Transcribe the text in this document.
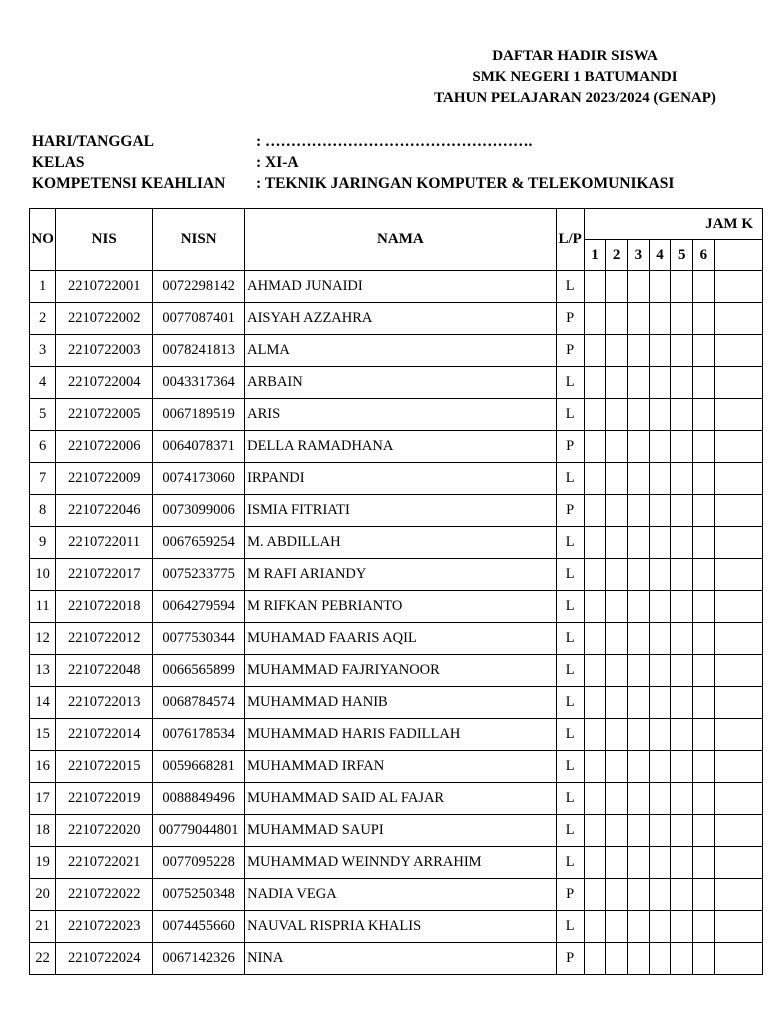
DAFTAR HADIR SISWA
SMK NEGERI 1 BATUMANDI
TAHUN PELAJARAN 2023/2024 (GENAP)
HARI/TANGGAL	: …………………………………………….
KELAS	: XI-A
KOMPETENSI KEAHLIAN	: TEKNIK JARINGAN KOMPUTER & TELEKOMUNIKASI
NO	NIS	NISN	NAMA	L/P	JAM K						
					1	2	3	4	5	6	
1	2210722001	0072298142	AHMAD JUNAIDI	L							
2	2210722002	0077087401	AISYAH AZZAHRA	P							
3	2210722003	0078241813	ALMA	P							
4	2210722004	0043317364	ARBAIN	L							
5	2210722005	0067189519	ARIS	L							
6	2210722006	0064078371	DELLA RAMADHANA	P							
7	2210722009	0074173060	IRPANDI	L							
8	2210722046	0073099006	ISMIA FITRIATI	P							
9	2210722011	0067659254	M. ABDILLAH	L							
10	2210722017	0075233775	M RAFI ARIANDY	L							
11	2210722018	0064279594	M RIFKAN PEBRIANTO	L							
12	2210722012	0077530344	MUHAMAD FAARIS AQIL	L							
13	2210722048	0066565899	MUHAMMAD FAJRIYANOOR	L							
14	2210722013	0068784574	MUHAMMAD HANIB	L							
15	2210722014	0076178534	MUHAMMAD HARIS FADILLAH	L							
16	2210722015	0059668281	MUHAMMAD IRFAN	L							
17	2210722019	0088849496	MUHAMMAD SAID AL FAJAR	L							
18	2210722020	00779044801	MUHAMMAD SAUPI	L							
19	2210722021	0077095228	MUHAMMAD WEINNDY ARRAHIM	L							
20	2210722022	0075250348	NADIA VEGA	P							
21	2210722023	0074455660	NAUVAL RISPRIA KHALIS	L							
22	2210722024	0067142326	NINA	P							
